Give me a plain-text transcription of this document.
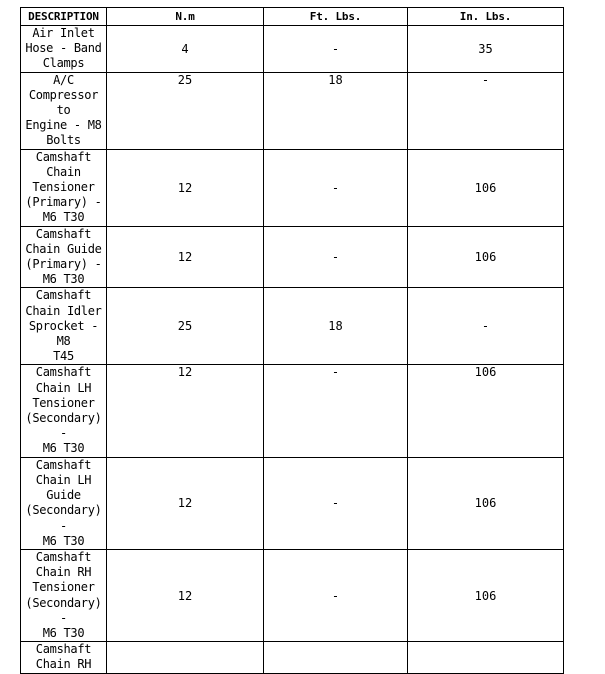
DESCRIPTION	N.m	Ft. Lbs.	In. Lbs.

Air Inlet
Hose - Band
Clamps	4	-	35

A/C
Compressor to
Engine - M8
Bolts	25	18	-

Camshaft
Chain
Tensioner
(Primary) -
M6 T30	12	-	106

Camshaft
Chain Guide
(Primary) -
M6 T30	12	-	106

Camshaft
Chain Idler
Sprocket - M8
T45	25	18	-

Camshaft
Chain LH
Tensioner
(Secondary) -
M6 T30	12	-	106

Camshaft
Chain LH
Guide
(Secondary) -
M6 T30	12	-	106

Camshaft
Chain RH
Tensioner
(Secondary) -
M6 T30	12	-	106

Camshaft
Chain RH			
